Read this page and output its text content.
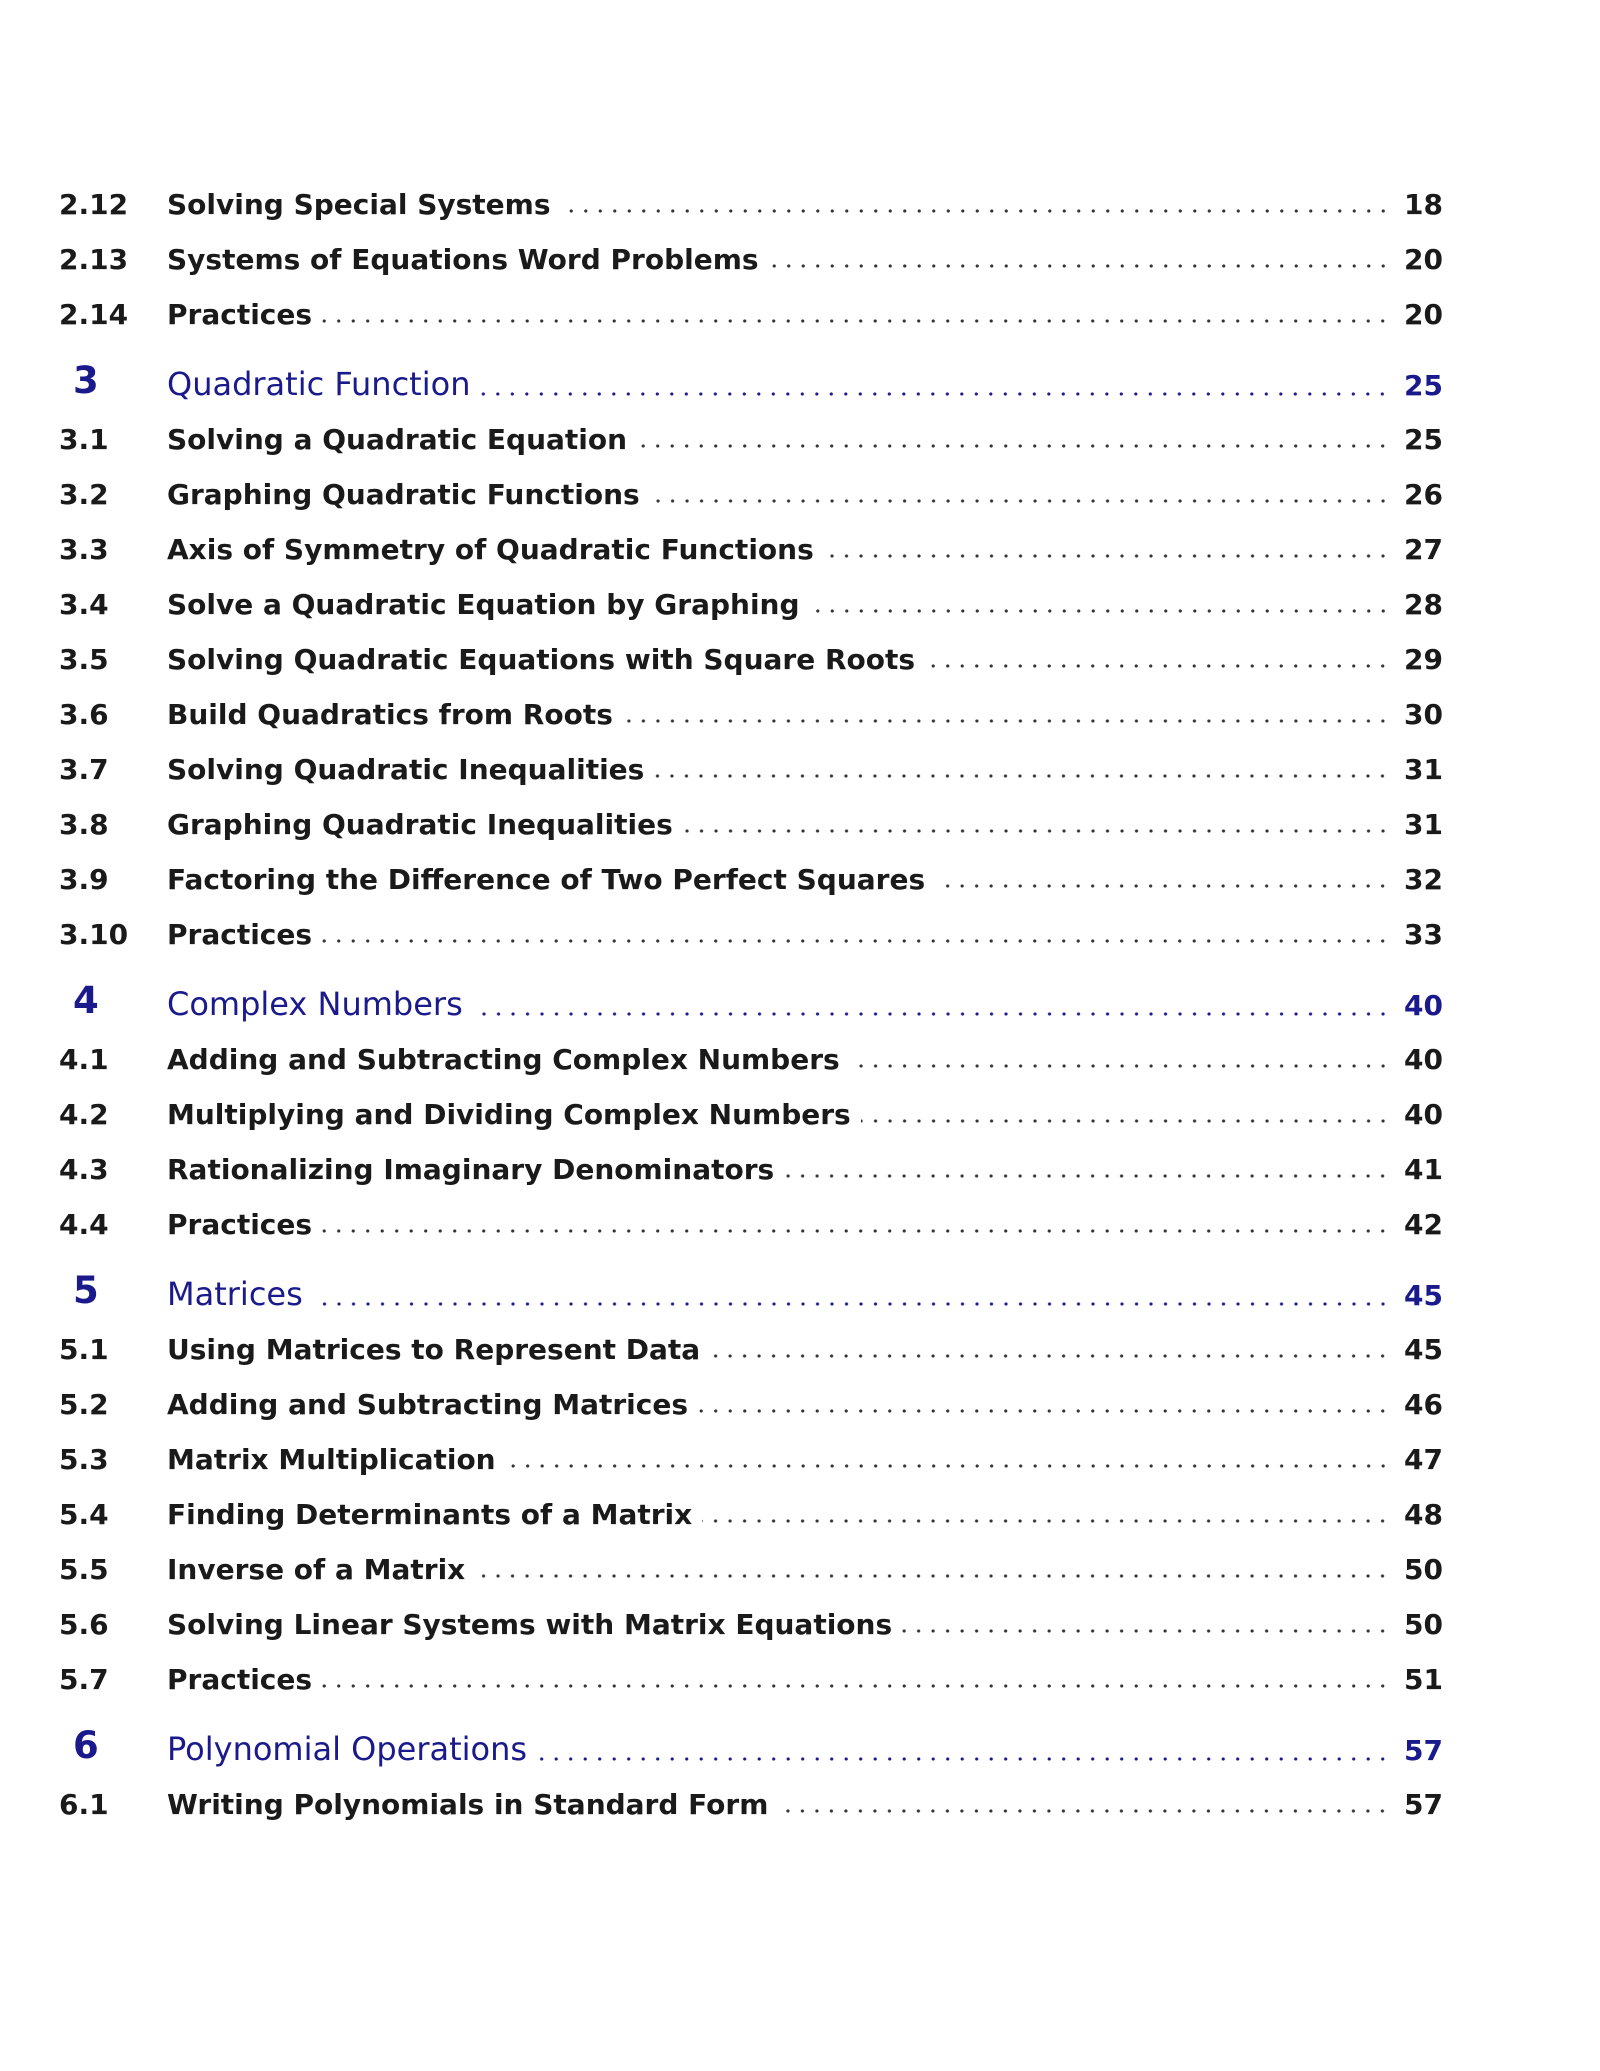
2.12 Solving Special Systems	18
2.13 Systems of Equations Word Problems	20
2.14 Practices	20
3 Quadratic Function	25
3.1 Solving a Quadratic Equation	25
3.2 Graphing Quadratic Functions	26
3.3 Axis of Symmetry of Quadratic Functions	27
3.4 Solve a Quadratic Equation by Graphing	28
3.5 Solving Quadratic Equations with Square Roots	29
3.6 Build Quadratics from Roots	30
3.7 Solving Quadratic Inequalities	31
3.8 Graphing Quadratic Inequalities	31
3.9 Factoring the Difference of Two Perfect Squares	32
3.10 Practices	33
4 Complex Numbers	40
4.1 Adding and Subtracting Complex Numbers	40
4.2 Multiplying and Dividing Complex Numbers	40
4.3 Rationalizing Imaginary Denominators	41
4.4 Practices	42
5 Matrices	45
5.1 Using Matrices to Represent Data	45
5.2 Adding and Subtracting Matrices	46
5.3 Matrix Multiplication	47
5.4 Finding Determinants of a Matrix	48
5.5 Inverse of a Matrix	50
5.6 Solving Linear Systems with Matrix Equations	50
5.7 Practices	51
6 Polynomial Operations	57
6.1 Writing Polynomials in Standard Form	57
